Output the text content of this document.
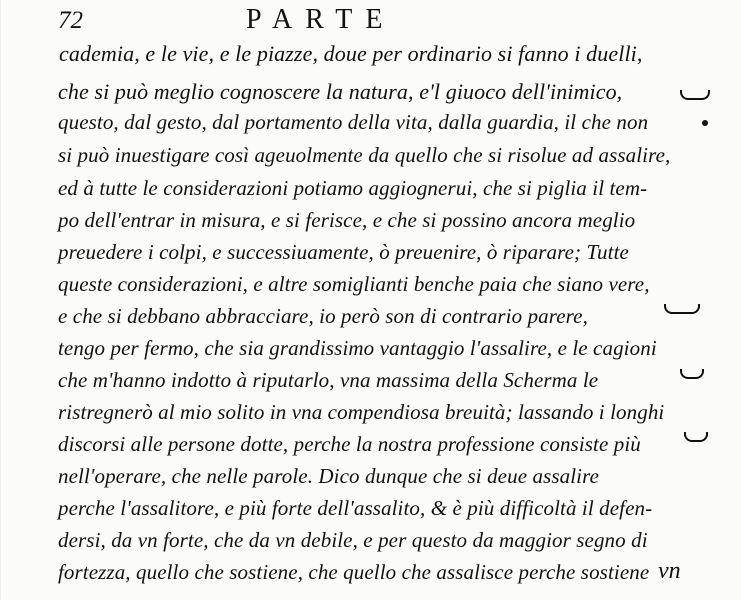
72	PARTE
cademia, e le vie, e le piazze, doue per ordinario si fanno i duelli,
che si può meglio cognoscere la natura, e'l giuoco dell'inimico,
questo, dal gesto, dal portamento della vita, dalla guardia, il che non
si può inuestigare così ageuolmente da quello che si risolue ad assalire,
ed à tutte le considerazioni potiamo aggiognerui, che si piglia il tem-
po dell'entrar in misura, e si ferisce, e che si possino ancora meglio
preuedere i colpi, e successiuamente, ò preuenire, ò riparare; Tutte
queste considerazioni, e altre somiglianti benche paia che siano vere,
e che si debbano abbracciare, io però son di contrario parere,
tengo per fermo, che sia grandissimo vantaggio l'assalire, e le cagioni
che m'hanno indotto à riputarlo, vna massima della Scherma le
ristregnerò al mio solito in vna compendiosa breuità; lassando i longhi
discorsi alle persone dotte, perche la nostra professione consiste più
nell'operare, che nelle parole. Dico dunque che si deue assalire
perche l'assalitore, e più forte dell'assalito, & è più difficoltà il defen-
dersi, da vn forte, che da vn debile, e per questo da maggior segno di
fortezza, quello che sostiene, che quello che assalisce perche sostiene vn
